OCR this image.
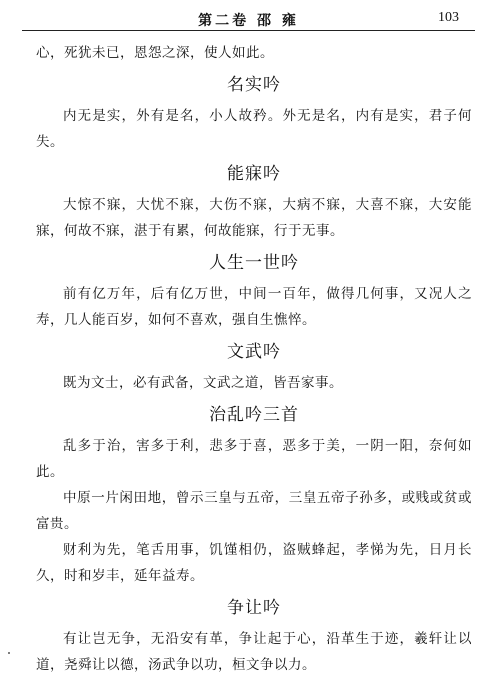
第二卷 邵 雍	103

心，死犹未已，恩怨之深，使人如此。

名实吟

内无是实，外有是名，小人故矜。外无是名，内有是实，君子何失。

能寐吟

大惊不寐，大忧不寐，大伤不寐，大病不寐，大喜不寐，大安能寐，何故不寐，湛于有累，何故能寐，行于无事。

人生一世吟

前有亿万年，后有亿万世，中间一百年，做得几何事，又况人之寿，几人能百岁，如何不喜欢，强自生憔悴。

文武吟

既为文士，必有武备，文武之道，皆吾家事。

治乱吟三首

乱多于治，害多于利，悲多于喜，恶多于美，一阴一阳，奈何如此。

中原一片闲田地，曾示三皇与五帝，三皇五帝子孙多，或贱或贫或富贵。

财利为先，笔舌用事，饥馑相仍，盗贼蜂起，孝悌为先，日月长久，时和岁丰，延年益寿。

争让吟

有让岂无争，无沿安有革，争让起于心，沿革生于迹，羲轩让以道，尧舜让以德，汤武争以功，桓文争以力。
